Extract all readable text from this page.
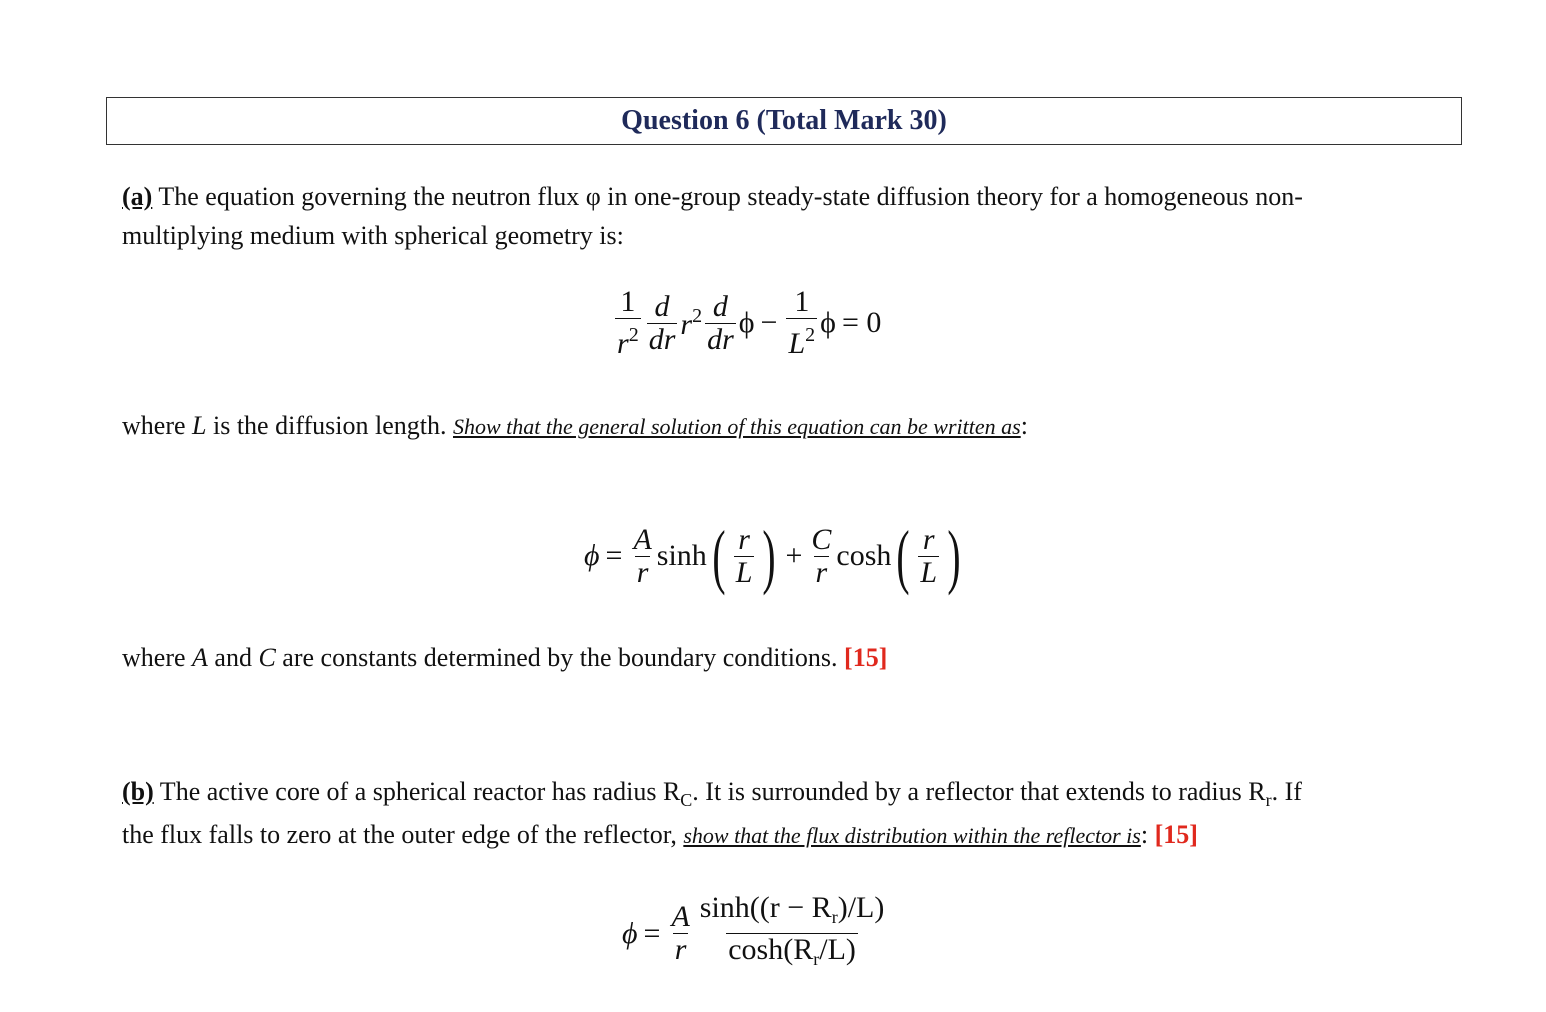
Question 6 (Total Mark 30)
(a) The equation governing the neutron flux φ in one-group steady-state diffusion theory for a homogeneous non-
multiplying medium with spherical geometry is:
$\frac{1}{r^2} \frac{d}{dr} r^2 \frac{d}{dr}$ $\phi - \frac{1}{L^2}$ ϕ = 0
where L is the diffusion length. Show that the general solution of this equation can be written as:
$\phi = \frac{A}{r}$ sinh ( $\frac{r}{L}$ ) + $\frac{C}{r}$ cosh ( $\frac{r}{L}$ )
where A and C are constants determined by the boundary conditions. [15]
(b) The active core of a spherical reactor has radius $R_C$. It is surrounded by a reflector that extends to radius $R_r$. If
the flux falls to zero at the outer edge of the reflector, show that the flux distribution within the reflector is: [15]
$\phi = \frac{A}{r} \frac{\sinh((r - R_r)/L)}{\cosh(R_r/L)}$
